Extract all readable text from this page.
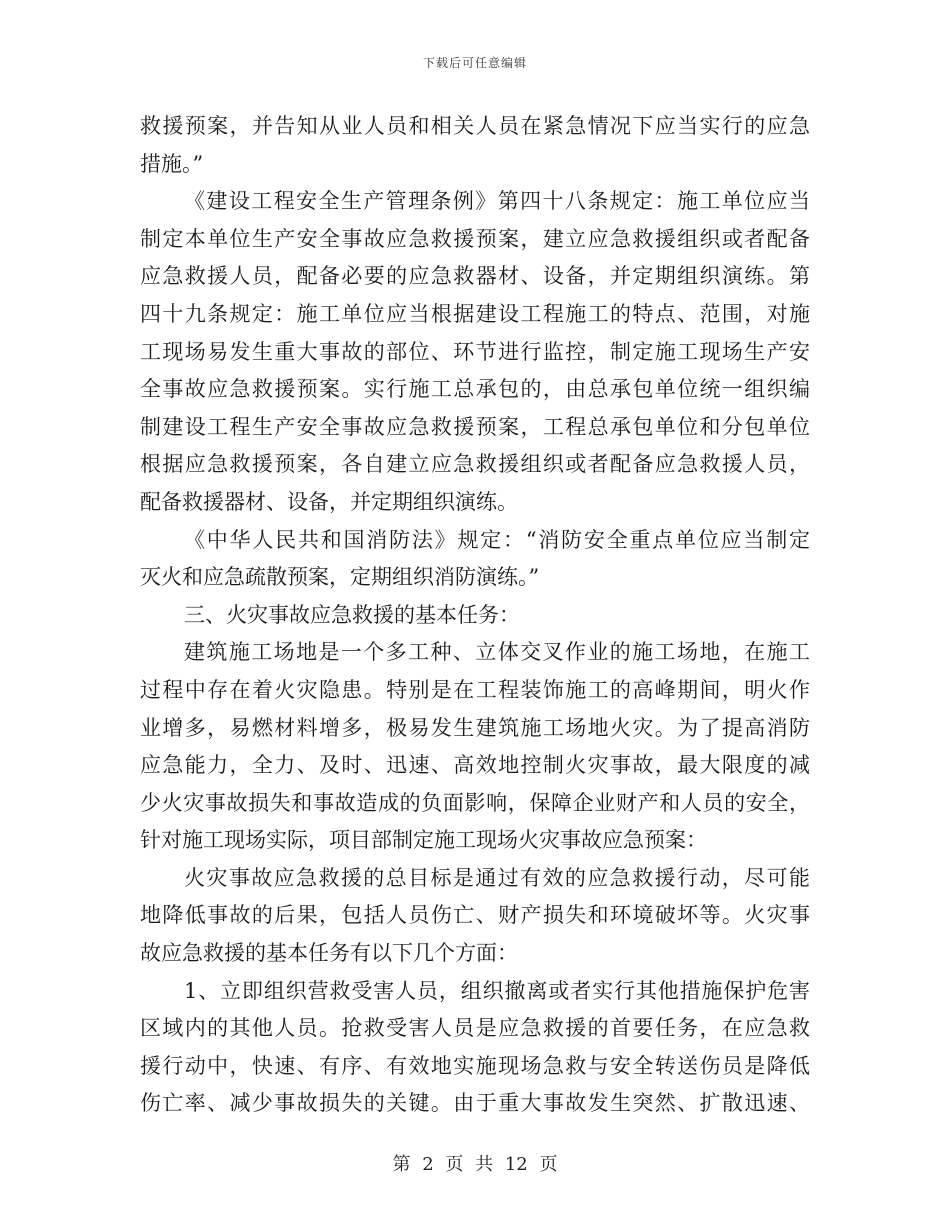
下载后可任意编辑
救援预案，并告知从业人员和相关人员在紧急情况下应当实行的应急
措施。”
《建设工程安全生产管理条例》第四十八条规定：施工单位应当
制定本单位生产安全事故应急救援预案，建立应急救援组织或者配备
应急救援人员，配备必要的应急救器材、设备，并定期组织演练。第
四十九条规定：施工单位应当根据建设工程施工的特点、范围，对施
工现场易发生重大事故的部位、环节进行监控，制定施工现场生产安
全事故应急救援预案。实行施工总承包的，由总承包单位统一组织编
制建设工程生产安全事故应急救援预案，工程总承包单位和分包单位
根据应急救援预案，各自建立应急救援组织或者配备应急救援人员，
配备救援器材、设备，并定期组织演练。
《中华人民共和国消防法》规定：“消防安全重点单位应当制定
灭火和应急疏散预案，定期组织消防演练。”
三、火灾事故应急救援的基本任务：
建筑施工场地是一个多工种、立体交叉作业的施工场地，在施工
过程中存在着火灾隐患。特别是在工程装饰施工的高峰期间，明火作
业增多，易燃材料增多，极易发生建筑施工场地火灾。为了提高消防
应急能力，全力、及时、迅速、高效地控制火灾事故，最大限度的减
少火灾事故损失和事故造成的负面影响，保障企业财产和人员的安全，
针对施工现场实际，项目部制定施工现场火灾事故应急预案：
火灾事故应急救援的总目标是通过有效的应急救援行动，尽可能
地降低事故的后果，包括人员伤亡、财产损失和环境破坏等。火灾事
故应急救援的基本任务有以下几个方面：
1、立即组织营救受害人员，组织撤离或者实行其他措施保护危害
区域内的其他人员。抢救受害人员是应急救援的首要任务，在应急救
援行动中，快速、有序、有效地实施现场急救与安全转送伤员是降低
伤亡率、减少事故损失的关键。由于重大事故发生突然、扩散迅速、
第 2 页 共 12 页
